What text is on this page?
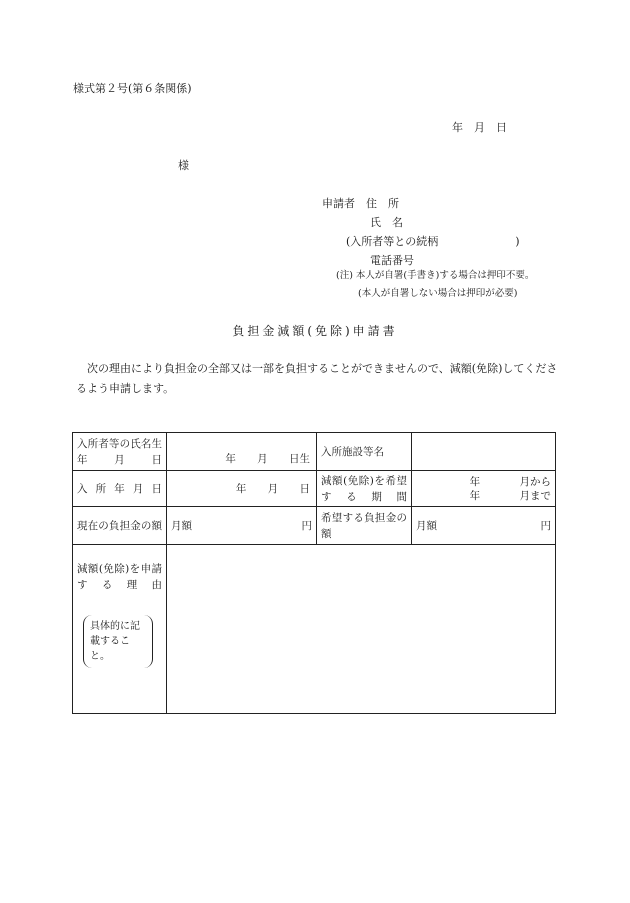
様式第２号(第６条関係)
年　月　日
様
申請者　住　所
氏　名
(入所者等との続柄　　　　　　　)
電話番号
(注) 本人が自署(手書き)する場合は押印不要。
(本人が自署しない場合は押印が必要)
負担金減額(免除)申請書
次の理由により負担金の全部又は一部を負担することができませんので、減額(免除)してくださるよう申請します。
入所者等の氏名生年月日	年 月 日生	入所施設等名	

入所年月日	年 月 日	減額(免除)を希望する期間	年 月から
年 月まで

現在の負担金の額	月額 円	希望する負担金の額	月額 円

減額(免除)を申請する理由
具体的に記載すること。			
